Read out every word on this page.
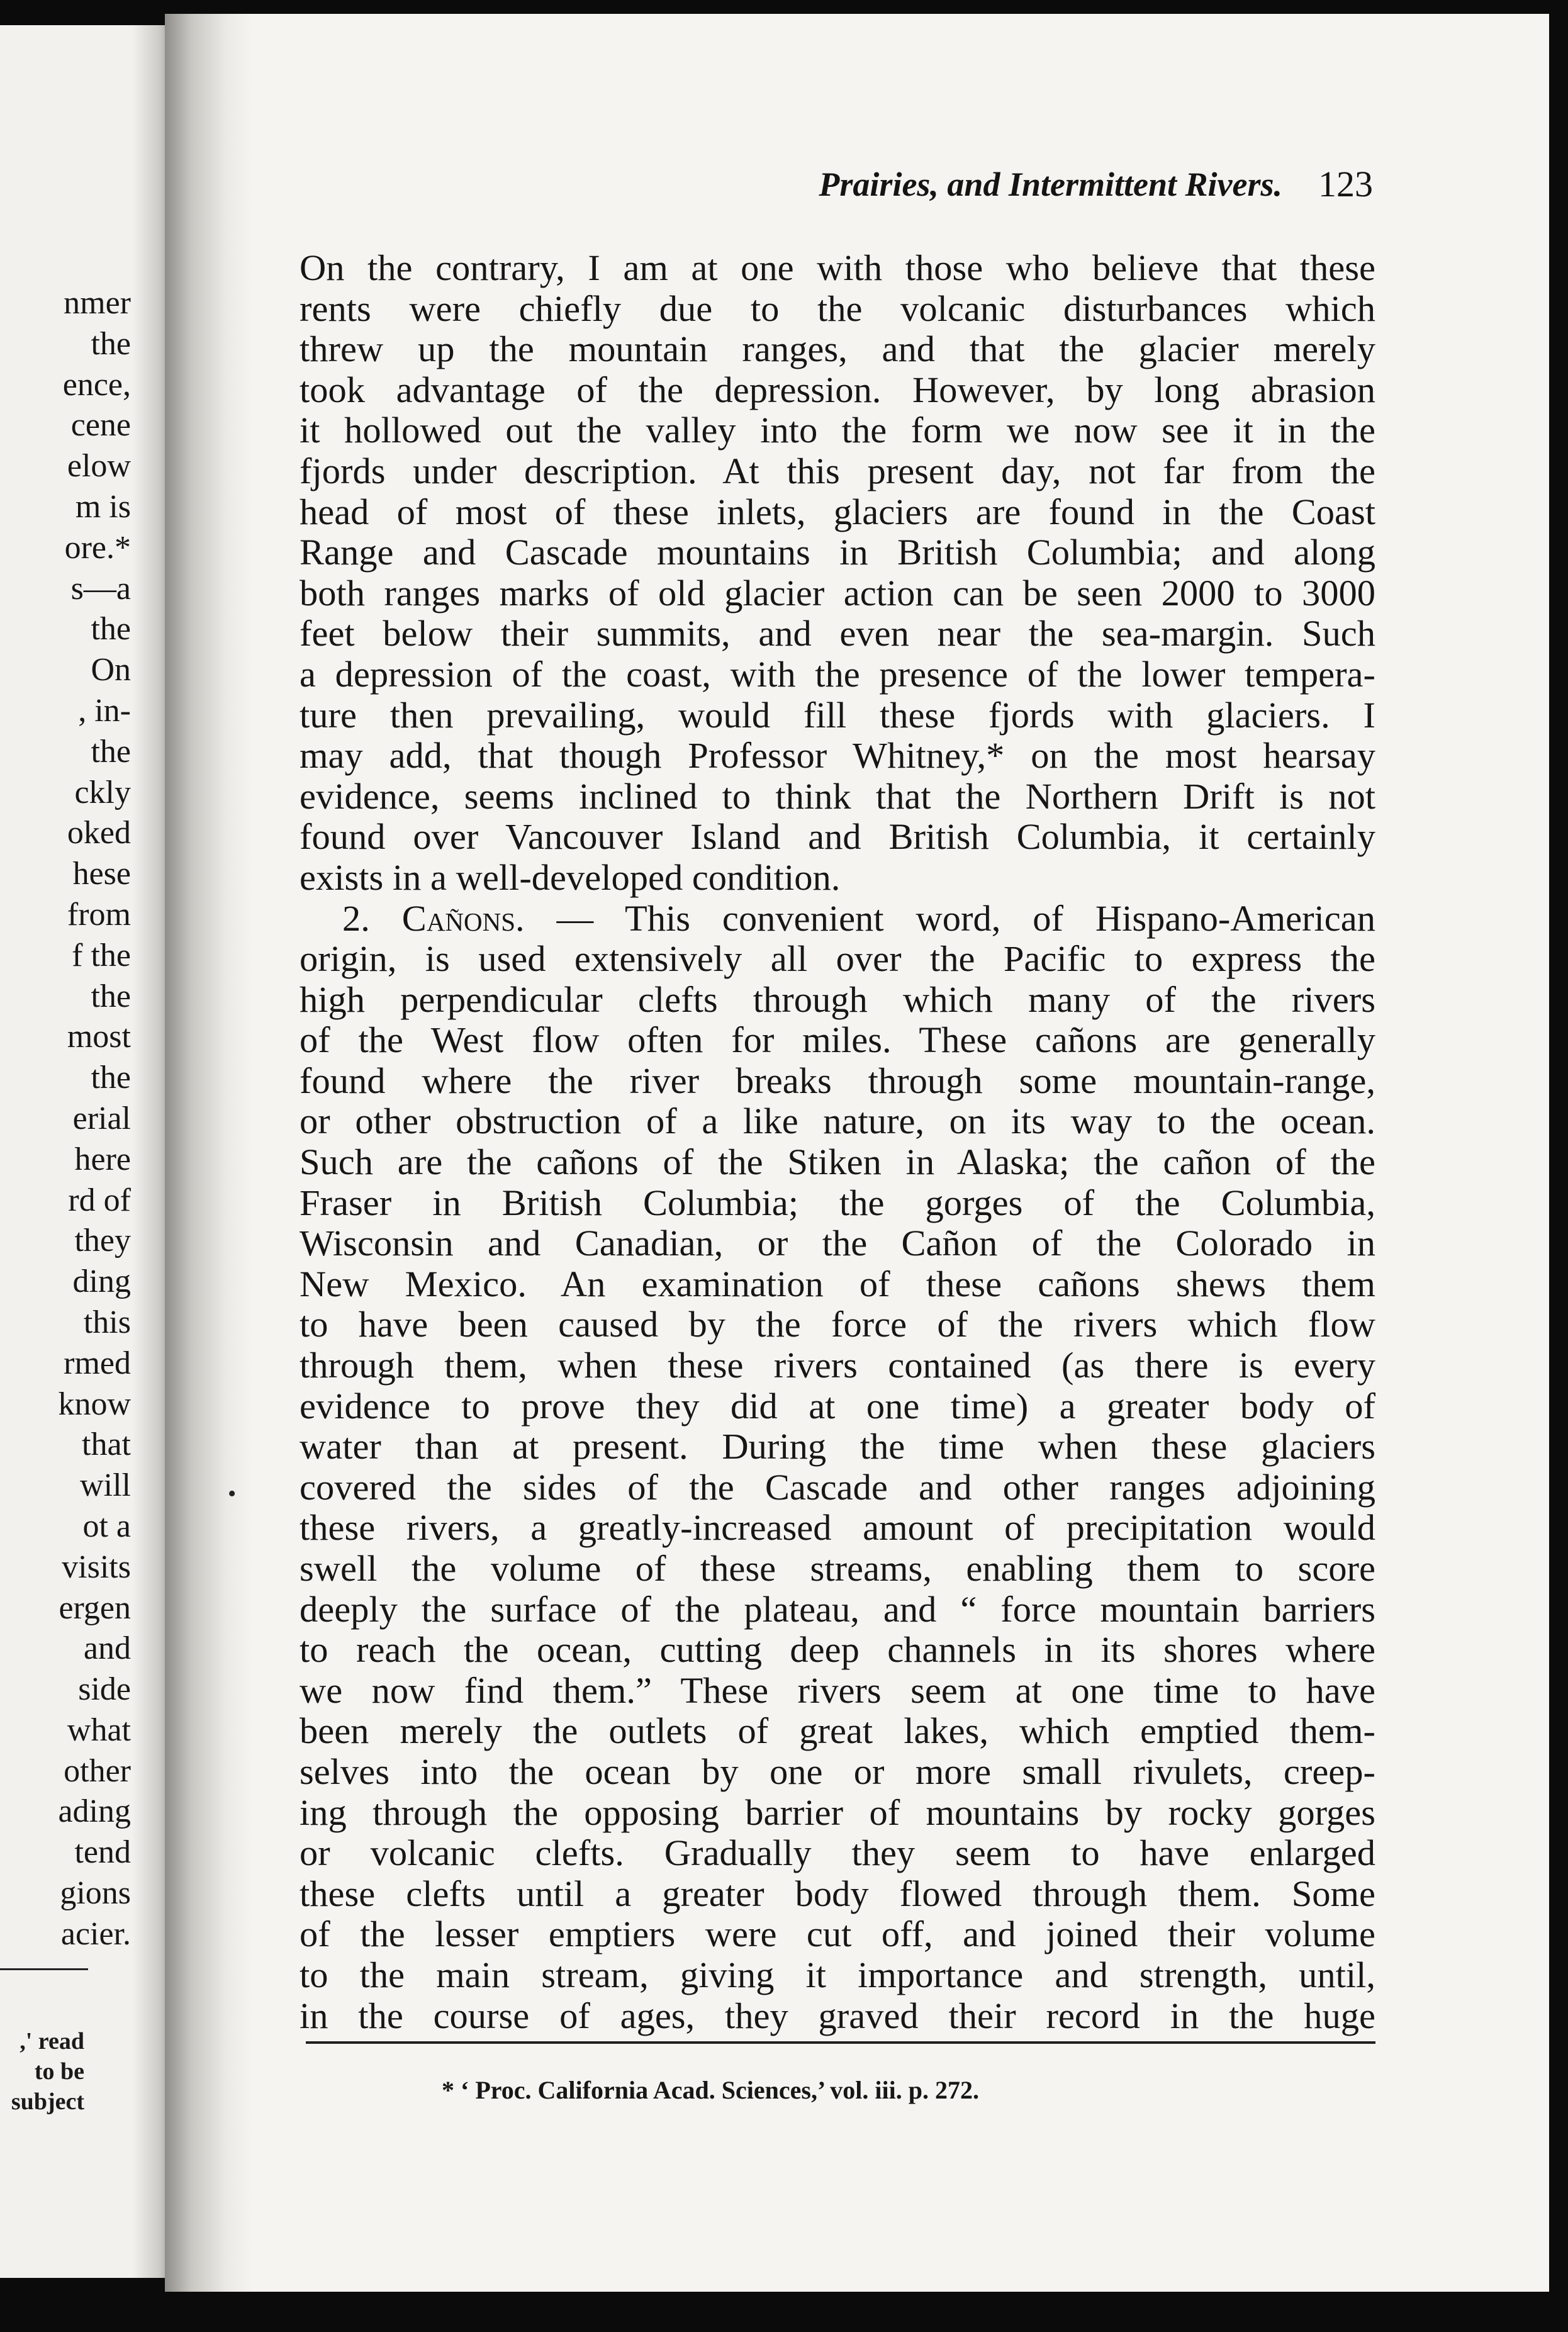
nmer
the
ence,
cene
elow
m is
ore.*
s—a
the
On
, in-
the
ckly
oked
hese
from
f the
the
most
the
erial
here
rd of
they
ding
this
rmed
know
that
will
ot a
visits
ergen
and
side
what
other
ading
tend
gions
acier.
,' read
to be
subject
Prairies, and Intermittent Rivers. 123
On the contrary, I am at one with those who believe that these
rents were chiefly due to the volcanic disturbances which
threw up the mountain ranges, and that the glacier merely
took advantage of the depression. However, by long abrasion
it hollowed out the valley into the form we now see it in the
fjords under description. At this present day, not far from the
head of most of these inlets, glaciers are found in the Coast
Range and Cascade mountains in British Columbia; and along
both ranges marks of old glacier action can be seen 2000 to 3000
feet below their summits, and even near the sea-margin. Such
a depression of the coast, with the presence of the lower tempera-
ture then prevailing, would fill these fjords with glaciers. I
may add, that though Professor Whitney,* on the most hearsay
evidence, seems inclined to think that the Northern Drift is not
found over Vancouver Island and British Columbia, it certainly
exists in a well-developed condition.
2. Cañons. — This convenient word, of Hispano-American
origin, is used extensively all over the Pacific to express the
high perpendicular clefts through which many of the rivers
of the West flow often for miles. These cañons are generally
found where the river breaks through some mountain-range,
or other obstruction of a like nature, on its way to the ocean.
Such are the cañons of the Stiken in Alaska; the cañon of the
Fraser in British Columbia; the gorges of the Columbia,
Wisconsin and Canadian, or the Cañon of the Colorado in
New Mexico. An examination of these cañons shews them
to have been caused by the force of the rivers which flow
through them, when these rivers contained (as there is every
evidence to prove they did at one time) a greater body of
water than at present. During the time when these glaciers
covered the sides of the Cascade and other ranges adjoining
these rivers, a greatly-increased amount of precipitation would
swell the volume of these streams, enabling them to score
deeply the surface of the plateau, and “ force mountain barriers
to reach the ocean, cutting deep channels in its shores where
we now find them.” These rivers seem at one time to have
been merely the outlets of great lakes, which emptied them-
selves into the ocean by one or more small rivulets, creep-
ing through the opposing barrier of mountains by rocky gorges
or volcanic clefts. Gradually they seem to have enlarged
these clefts until a greater body flowed through them. Some
of the lesser emptiers were cut off, and joined their volume
to the main stream, giving it importance and strength, until,
in the course of ages, they graved their record in the huge
•
* ‘ Proc. California Acad. Sciences,’ vol. iii. p. 272.
